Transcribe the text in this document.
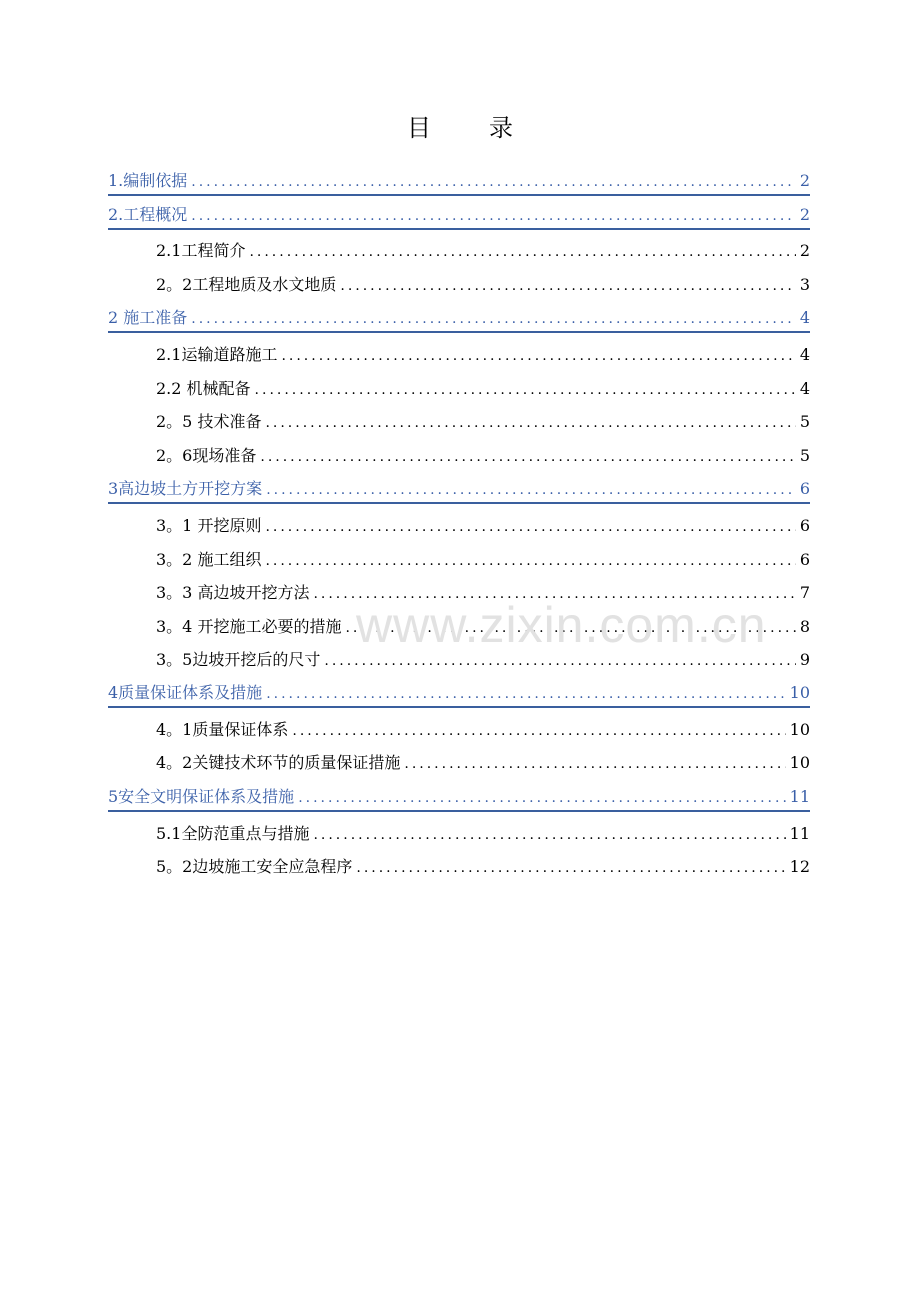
目 录
1.编制依据 .....	2
2.工程概况 .....	2
2.1工程简介 .....	2
2。2工程地质及水文地质 .....	3
2 施工准备 .....	4
2.1运输道路施工 .....	4
2.2 机械配备 .....	4
2。5 技术准备 .....	5
2。6现场准备 .....	5
3高边坡土方开挖方案 .....	6
3。1 开挖原则 .....	6
3。2 施工组织 .....	6
3。3 高边坡开挖方法 .....	7
3。4 开挖施工必要的措施 .....	8
3。5边坡开挖后的尺寸 .....	9
4质量保证体系及措施 .....	10
4。1质量保证体系 .....	10
4。2关键技术环节的质量保证措施 .....	10
5安全文明保证体系及措施 .....	11
5.1全防范重点与措施 .....	11
5。2边坡施工安全应急程序 .....	12
www.zixin.com.cn
